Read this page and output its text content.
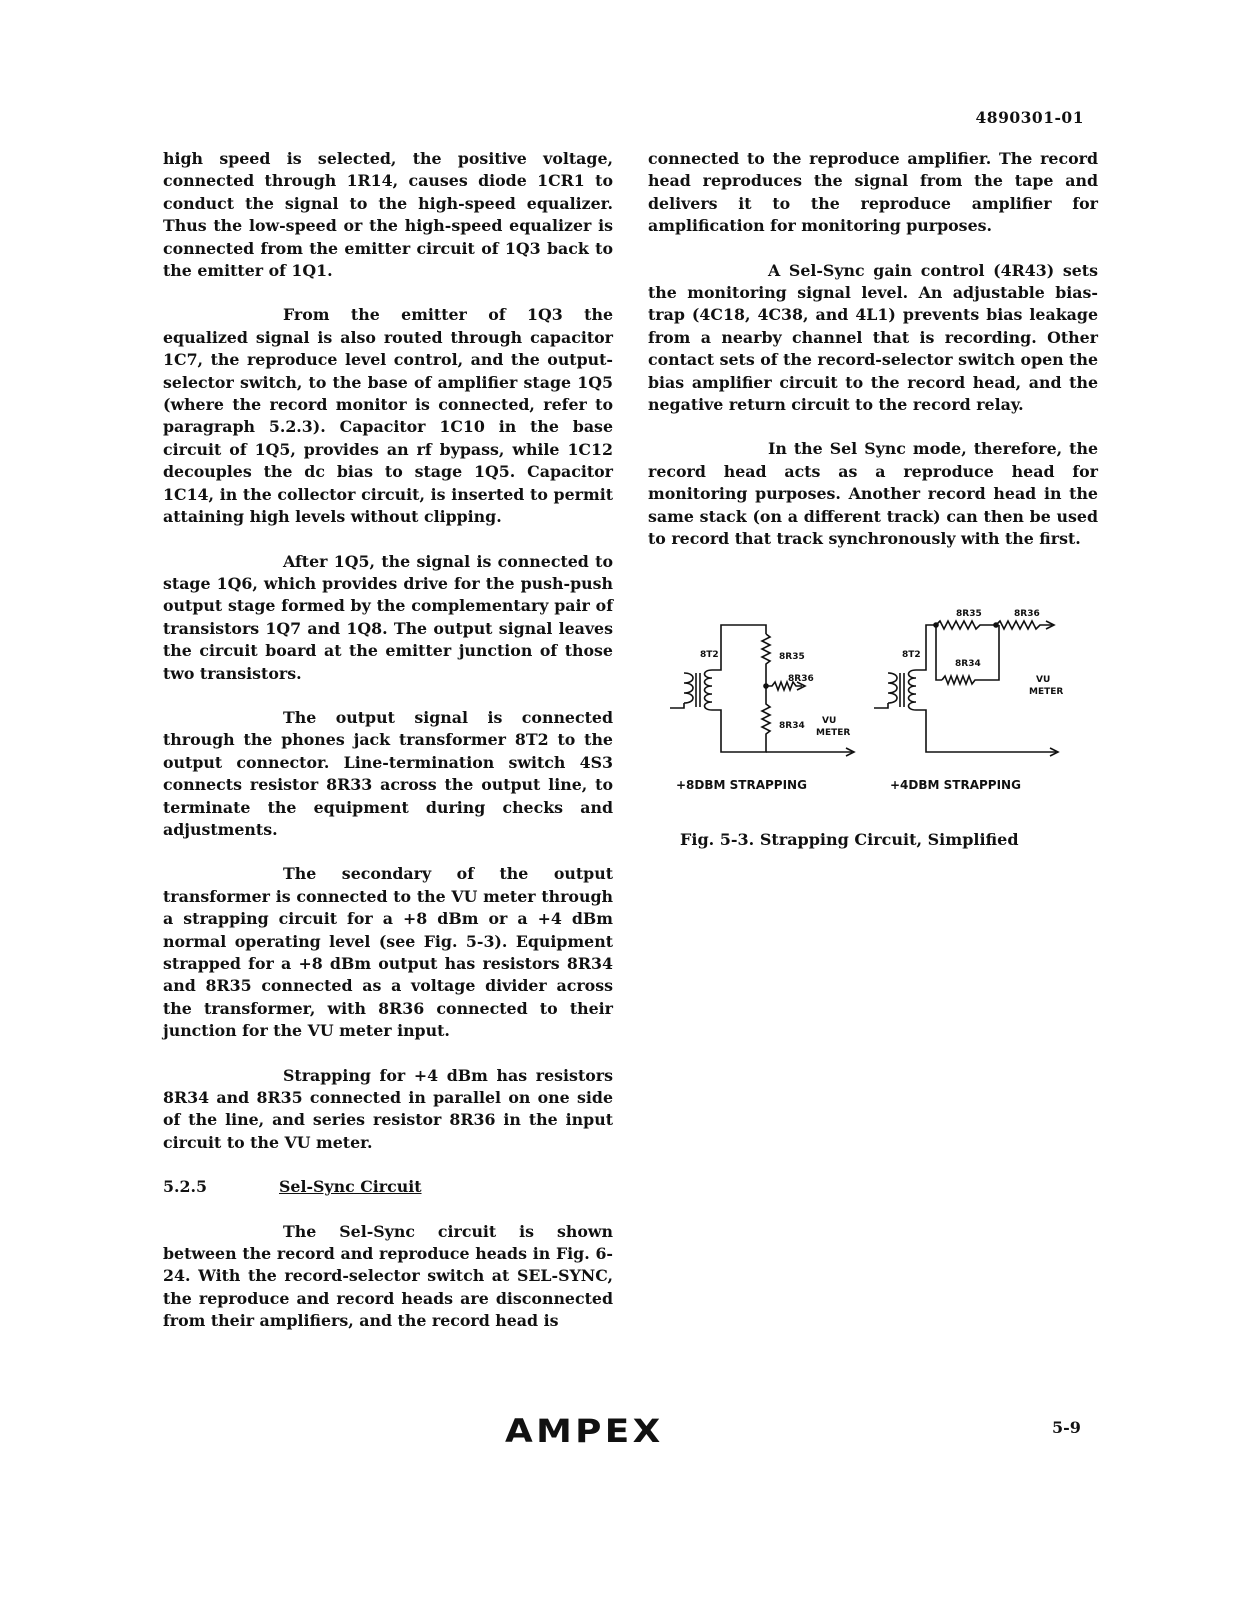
4890301-01

high speed is selected, the positive voltage, connected through 1R14, causes diode 1CR1 to conduct the signal to the high-speed equalizer. Thus the low-speed or the high-speed equalizer is connected from the emitter circuit of 1Q3 back to the emitter of 1Q1.

From the emitter of 1Q3 the equalized signal is also routed through capacitor 1C7, the reproduce level control, and the output-selector switch, to the base of amplifier stage 1Q5 (where the record monitor is connected, refer to paragraph 5.2.3). Capacitor 1C10 in the base circuit of 1Q5, provides an rf bypass, while 1C12 decouples the dc bias to stage 1Q5. Capacitor 1C14, in the collector circuit, is inserted to permit attaining high levels without clipping.

After 1Q5, the signal is connected to stage 1Q6, which provides drive for the push-push output stage formed by the complementary pair of transistors 1Q7 and 1Q8. The output signal leaves the circuit board at the emitter junction of those two transistors.

The output signal is connected through the phones jack transformer 8T2 to the output connector. Line-termination switch 4S3 connects resistor 8R33 across the output line, to terminate the equipment during checks and adjustments.

The secondary of the output transformer is connected to the VU meter through a strapping circuit for a +8 dBm or a +4 dBm normal operating level (see Fig. 5-3). Equipment strapped for a +8 dBm output has resistors 8R34 and 8R35 connected as a voltage divider across the transformer, with 8R36 connected to their junction for the VU meter input.

Strapping for +4 dBm has resistors 8R34 and 8R35 connected in parallel on one side of the line, and series resistor 8R36 in the input circuit to the VU meter.

5.2.5	Sel-Sync Circuit

The Sel-Sync circuit is shown between the record and reproduce heads in Fig. 6-24. With the record-selector switch at SEL-SYNC, the reproduce and record heads are disconnected from their amplifiers, and the record head is

connected to the reproduce amplifier. The record head reproduces the signal from the tape and delivers it to the reproduce amplifier for amplification for monitoring purposes.

A Sel-Sync gain control (4R43) sets the monitoring signal level. An adjustable bias-trap (4C18, 4C38, and 4L1) prevents bias leakage from a nearby channel that is recording. Other contact sets of the record-selector switch open the bias amplifier circuit to the record head, and the negative return circuit to the record relay.

In the Sel Sync mode, therefore, the record head acts as a reproduce head for monitoring purposes. Another record head in the same stack (on a different track) can then be used to record that track synchronously with the first.

8T2	8R35
8R36
8R34 VU
METER
+8DBM STRAPPING
8T2
8R35	8R36
8R34
VU
METER
+4DBM STRAPPING
Fig. 5-3. Strapping Circuit, Simplified
AMPEX	5-9
